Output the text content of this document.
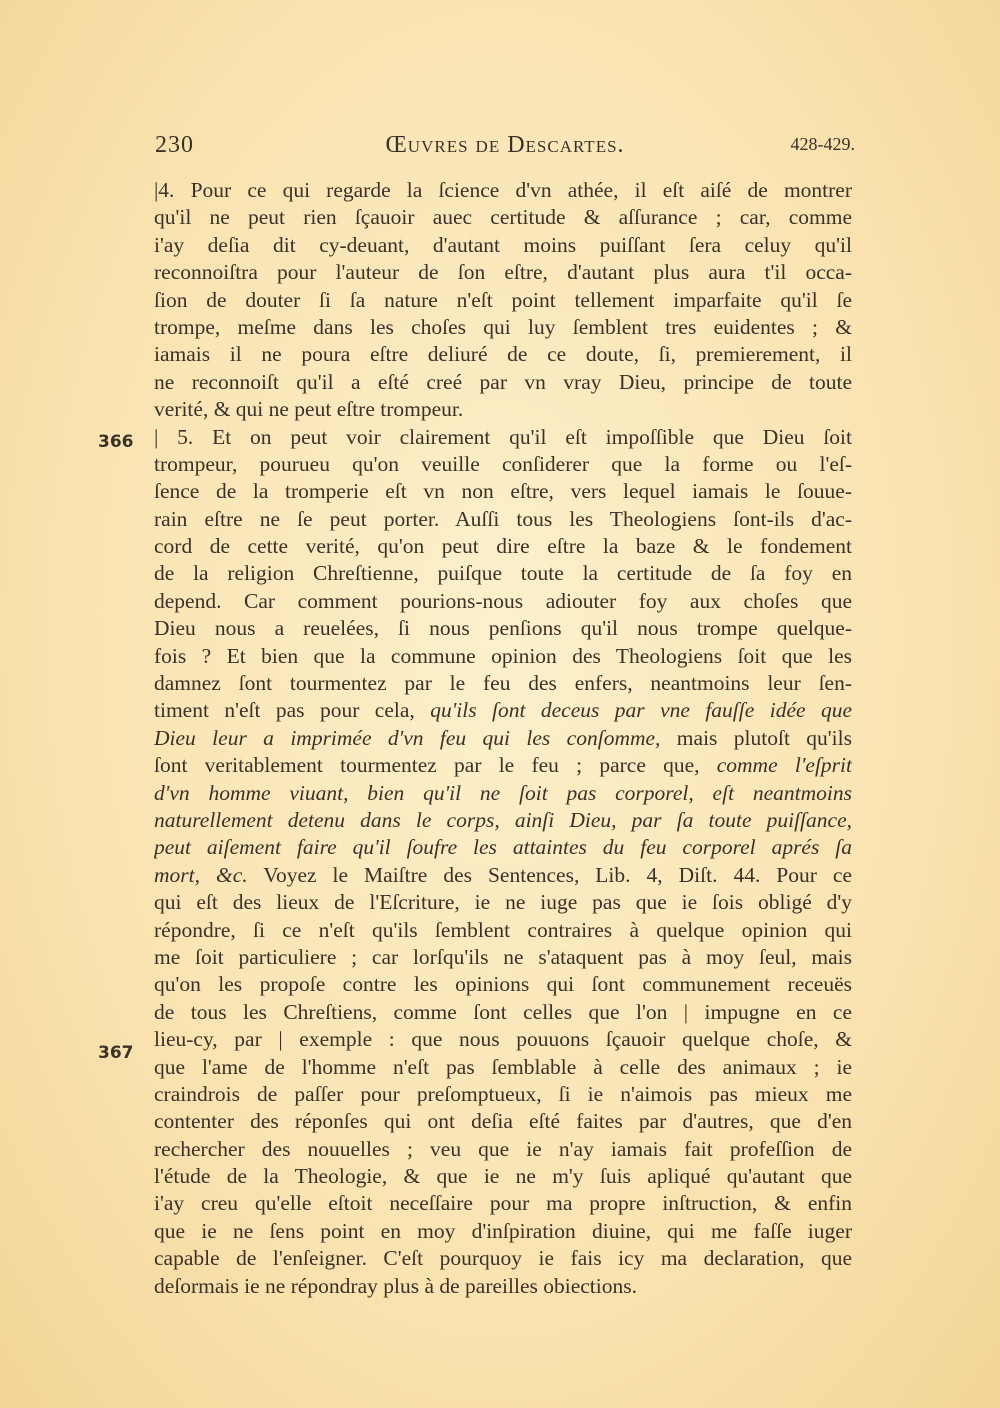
230	Œuvres de Descartes.	428-429.
366
367
|4. Pour ce qui regarde la ſcience d'vn athée, il eſt aiſé de montrer
qu'il ne peut rien ſçauoir auec certitude & aſſurance ; car, comme
i'ay deſia dit cy-deuant, d'autant moins puiſſant ſera celuy qu'il
reconnoiſtra pour l'auteur de ſon eſtre, d'autant plus aura t'il occa-
ſion de douter ſi ſa nature n'eſt point tellement imparfaite qu'il ſe
trompe, meſme dans les choſes qui luy ſemblent tres euidentes ; &
iamais il ne poura eſtre deliuré de ce doute, ſi, premierement, il
ne reconnoiſt qu'il a eſté creé par vn vray Dieu, principe de toute
verité, & qui ne peut eſtre trompeur.
| 5. Et on peut voir clairement qu'il eſt impoſſible que Dieu ſoit
trompeur, pourueu qu'on veuille conſiderer que la forme ou l'eſ-
ſence de la tromperie eſt vn non eſtre, vers lequel iamais le ſouue-
rain eſtre ne ſe peut porter. Auſſi tous les Theologiens ſont-ils d'ac-
cord de cette verité, qu'on peut dire eſtre la baze & le fondement
de la religion Chreſtienne, puiſque toute la certitude de ſa foy en
depend. Car comment pourions-nous adiouter foy aux choſes que
Dieu nous a reuelées, ſi nous penſions qu'il nous trompe quelque-
fois ? Et bien que la commune opinion des Theologiens ſoit que les
damnez ſont tourmentez par le feu des enfers, neantmoins leur ſen-
timent n'eſt pas pour cela, qu'ils ſont deceus par vne fauſſe idée que
Dieu leur a imprimée d'vn feu qui les conſomme, mais plutoſt qu'ils
ſont veritablement tourmentez par le feu ; parce que, comme l'eſprit
d'vn homme viuant, bien qu'il ne ſoit pas corporel, eſt neantmoins
naturellement detenu dans le corps, ainſi Dieu, par ſa toute puiſſance,
peut aiſement faire qu'il ſoufre les attaintes du feu corporel aprés ſa
mort, &c. Voyez le Maiſtre des Sentences, Lib. 4, Diſt. 44. Pour ce
qui eſt des lieux de l'Eſcriture, ie ne iuge pas que ie ſois obligé d'y
répondre, ſi ce n'eſt qu'ils ſemblent contraires à quelque opinion qui
me ſoit particuliere ; car lorſqu'ils ne s'ataquent pas à moy ſeul, mais
qu'on les propoſe contre les opinions qui ſont communement receuës
de tous les Chreſtiens, comme ſont celles que l'on | impugne en ce
lieu-cy, par | exemple : que nous pouuons ſçauoir quelque choſe, &
que l'ame de l'homme n'eſt pas ſemblable à celle des animaux ; ie
craindrois de paſſer pour preſomptueux, ſi ie n'aimois pas mieux me
contenter des réponſes qui ont deſia eſté faites par d'autres, que d'en
rechercher des nouuelles ; veu que ie n'ay iamais fait profeſſion de
l'étude de la Theologie, & que ie ne m'y ſuis apliqué qu'autant que
i'ay creu qu'elle eſtoit neceſſaire pour ma propre inſtruction, & enfin
que ie ne ſens point en moy d'inſpiration diuine, qui me faſſe iuger
capable de l'enſeigner. C'eſt pourquoy ie fais icy ma declaration, que
deſormais ie ne répondray plus à de pareilles obiections.
